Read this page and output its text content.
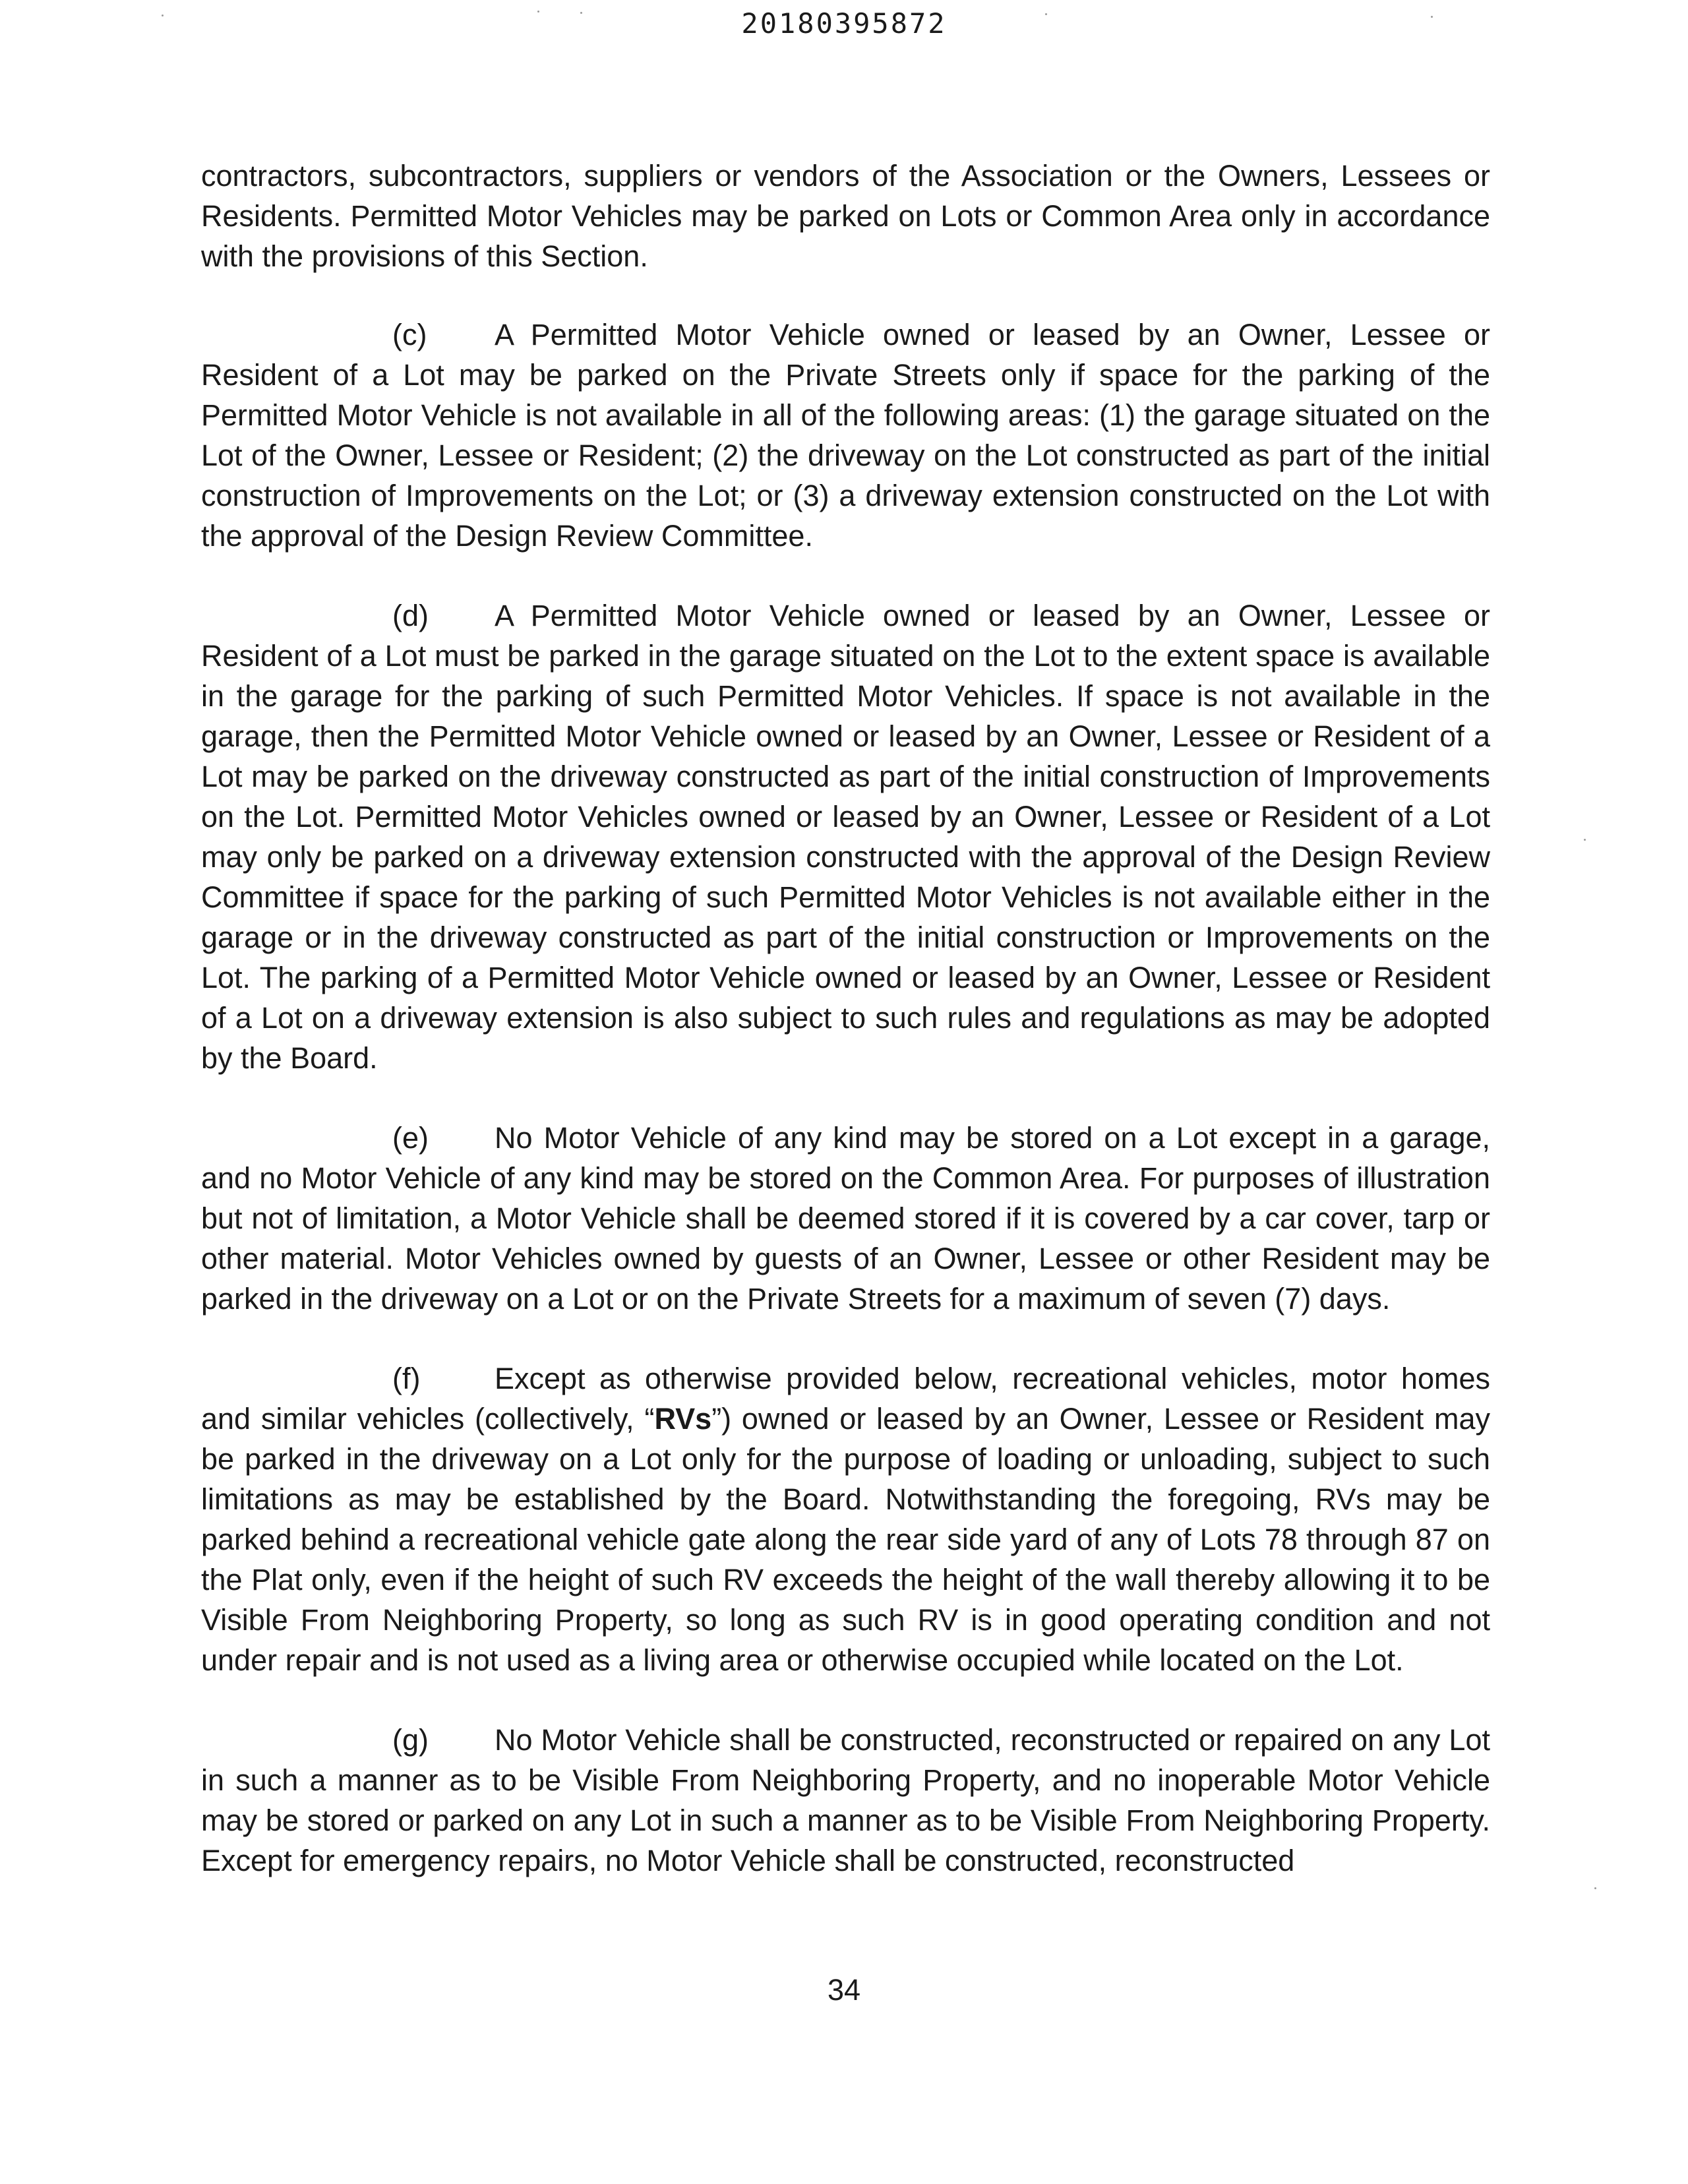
20180395872

contractors, subcontractors, suppliers or vendors of the Association or the Owners, Lessees or Residents. Permitted Motor Vehicles may be parked on Lots or Common Area only in accordance with the provisions of this Section.

(c) A Permitted Motor Vehicle owned or leased by an Owner, Lessee or Resident of a Lot may be parked on the Private Streets only if space for the parking of the Permitted Motor Vehicle is not available in all of the following areas: (1) the garage situated on the Lot of the Owner, Lessee or Resident; (2) the driveway on the Lot constructed as part of the initial construction of Improvements on the Lot; or (3) a driveway extension constructed on the Lot with the approval of the Design Review Committee.

(d) A Permitted Motor Vehicle owned or leased by an Owner, Lessee or Resident of a Lot must be parked in the garage situated on the Lot to the extent space is available in the garage for the parking of such Permitted Motor Vehicles. If space is not available in the garage, then the Permitted Motor Vehicle owned or leased by an Owner, Lessee or Resident of a Lot may be parked on the driveway constructed as part of the initial construction of Improvements on the Lot. Permitted Motor Vehicles owned or leased by an Owner, Lessee or Resident of a Lot may only be parked on a driveway extension constructed with the approval of the Design Review Committee if space for the parking of such Permitted Motor Vehicles is not available either in the garage or in the driveway constructed as part of the initial construction or Improvements on the Lot. The parking of a Permitted Motor Vehicle owned or leased by an Owner, Lessee or Resident of a Lot on a driveway extension is also subject to such rules and regulations as may be adopted by the Board.

(e) No Motor Vehicle of any kind may be stored on a Lot except in a garage, and no Motor Vehicle of any kind may be stored on the Common Area. For purposes of illustration but not of limitation, a Motor Vehicle shall be deemed stored if it is covered by a car cover, tarp or other material. Motor Vehicles owned by guests of an Owner, Lessee or other Resident may be parked in the driveway on a Lot or on the Private Streets for a maximum of seven (7) days.

(f)	Except as otherwise provided below, recreational vehicles, motor homes and similar vehicles (collectively, “RVs”) owned or leased by an Owner, Lessee or Resident may be parked in the driveway on a Lot only for the purpose of loading or unloading, subject to such limitations as may be established by the Board. Notwithstanding the foregoing, RVs may be parked behind a recreational vehicle gate along the rear side yard of any of Lots 78 through 87 on the Plat only, even if the height of such RV exceeds the height of the wall thereby allowing it to be Visible From Neighboring Property, so long as such RV is in good operating condition and not under repair and is not used as a living area or otherwise occupied while located on the Lot.

(g) No Motor Vehicle shall be constructed, reconstructed or repaired on any Lot in such a manner as to be Visible From Neighboring Property, and no inoperable Motor Vehicle may be stored or parked on any Lot in such a manner as to be Visible From Neighboring Property. Except for emergency repairs, no Motor Vehicle shall be constructed, reconstructed

34
